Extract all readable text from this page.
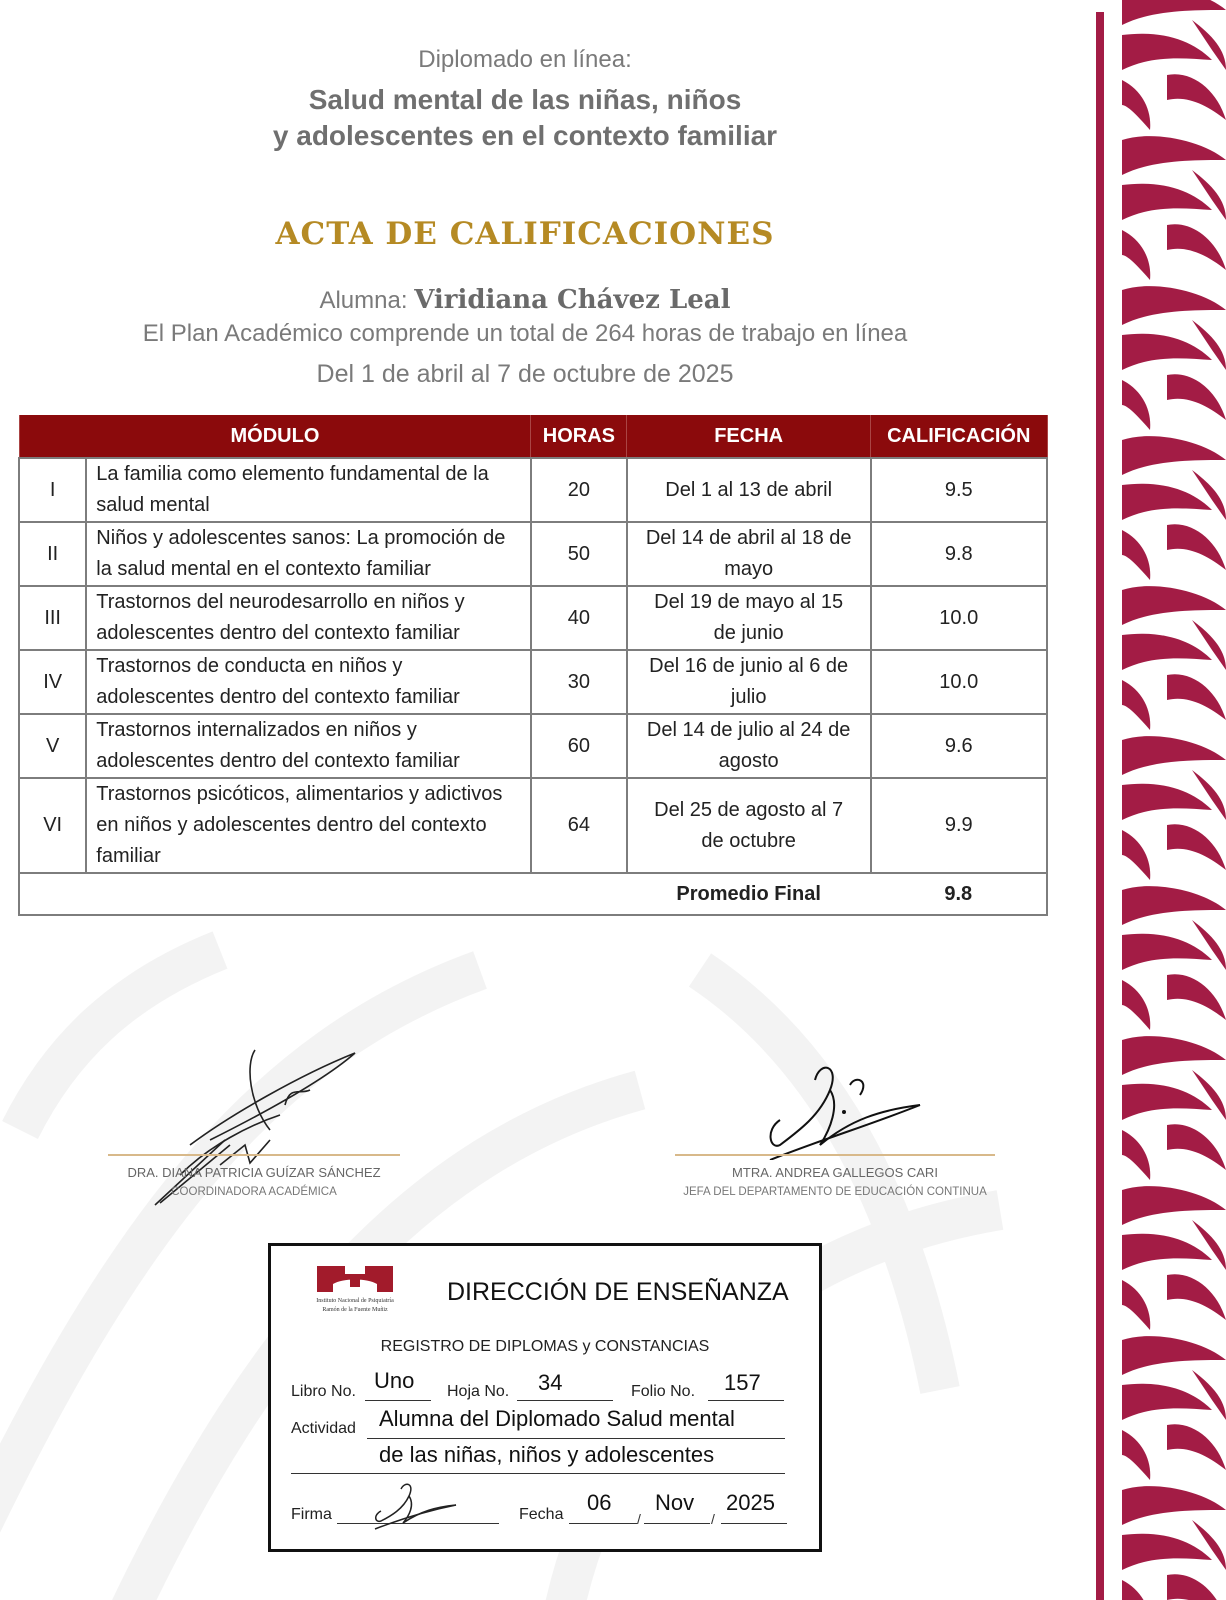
Diplomado en línea:
Salud mental de las niñas, niños
y adolescentes en el contexto familiar
ACTA DE CALIFICACIONES
Alumna: Viridiana Chávez Leal
El Plan Académico comprende un total de 264 horas de trabajo en línea
Del 1 de abril al 7 de octubre de 2025
MÓDULO		HORAS	FECHA	CALIFICACIÓN
I	La familia como elemento fundamental de la salud mental	20	Del 1 al 13 de abril	9.5
II	Niños y adolescentes sanos: La promoción de la salud mental en el contexto familiar	50	Del 14 de abril al 18 de mayo	9.8
III	Trastornos del neurodesarrollo en niños y adolescentes dentro del contexto familiar	40	Del 19 de mayo al 15 de junio	10.0
IV	Trastornos de conducta en niños y adolescentes dentro del contexto familiar	30	Del 16 de junio al 6 de julio	10.0
V	Trastornos internalizados en niños y adolescentes dentro del contexto familiar	60	Del 14 de julio al 24 de agosto	9.6
VI	Trastornos psicóticos, alimentarios y adictivos en niños y adolescentes dentro del contexto familiar	64	Del 25 de agosto al 7 de octubre	9.9
			Promedio Final	9.8
DRA. DIANA PATRICIA GUÍZAR SÁNCHEZ
COORDINADORA ACADÉMICA
MTRA. ANDREA GALLEGOS CARI
JEFA DEL DEPARTAMENTO DE EDUCACIÓN CONTINUA
Instituto Nacional de Psiquiatría
Ramón de la Fuente Muñiz
DIRECCIÓN DE ENSEÑANZA
REGISTRO DE DIPLOMAS y CONSTANCIAS
Libro No. Uno Hoja No. 34	Folio No. 157
Actividad Alumna del Diplomado Salud mental
de las niñas, niños y adolescentes
Firma	Fecha 06
/
Nov
/
2025
